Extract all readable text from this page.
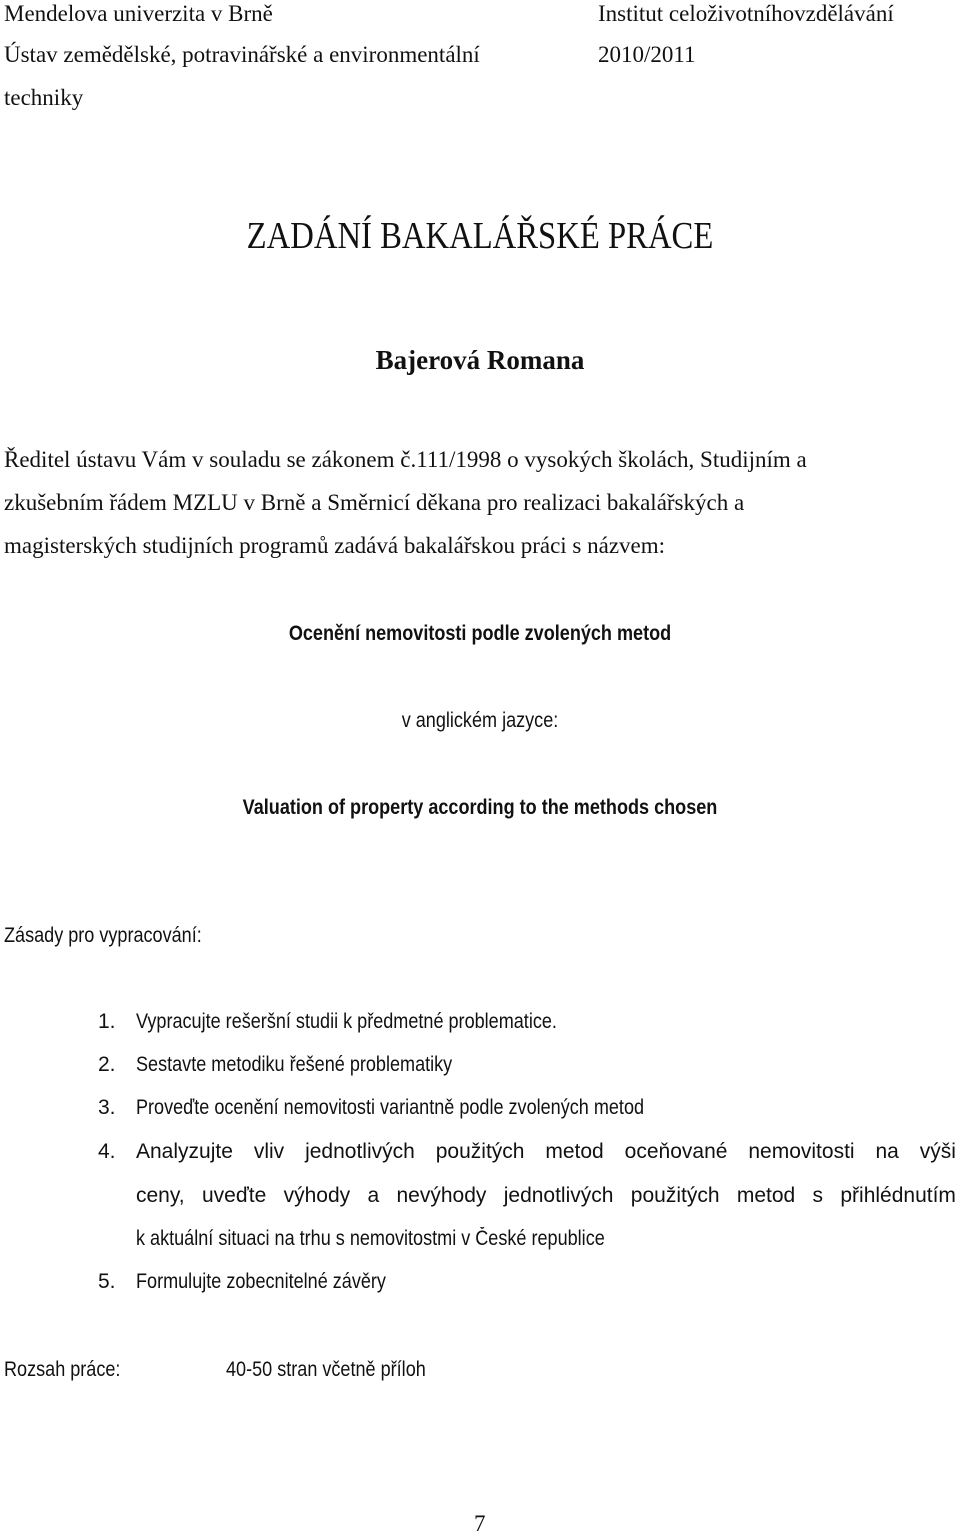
Mendelova univerzita v Brně	Institut celoživotníhovzdělávání
Ústav zemědělské, potravinářské a environmentální	2010/2011
techniky
ZADÁNÍ BAKALÁŘSKÉ PRÁCE
Bajerová Romana
Ředitel ústavu Vám v souladu se zákonem č.111/1998 o vysokých školách, Studijním a
zkušebním řádem MZLU v Brně a Směrnicí děkana pro realizaci bakalářských a
magisterských studijních programů zadává bakalářskou práci s názvem:
Ocenění nemovitosti podle zvolených metod
v anglickém jazyce:
Valuation of property according to the methods chosen
Zásady pro vypracování:
1. Vypracujte rešeršní studii k předmetné problematice.
2. Sestavte metodiku řešené problematiky
3. Proveďte ocenění nemovitosti variantně podle zvolených metod
4. Analyzujte vliv jednotlivých použitých metod oceňované nemovitosti na výši
ceny, uveďte výhody a nevýhody jednotlivých použitých metod s přihlédnutím
k aktuální situaci na trhu s nemovitostmi v České republice
5. Formulujte zobecnitelné závěry
Rozsah práce:	40-50 stran včetně příloh
7
